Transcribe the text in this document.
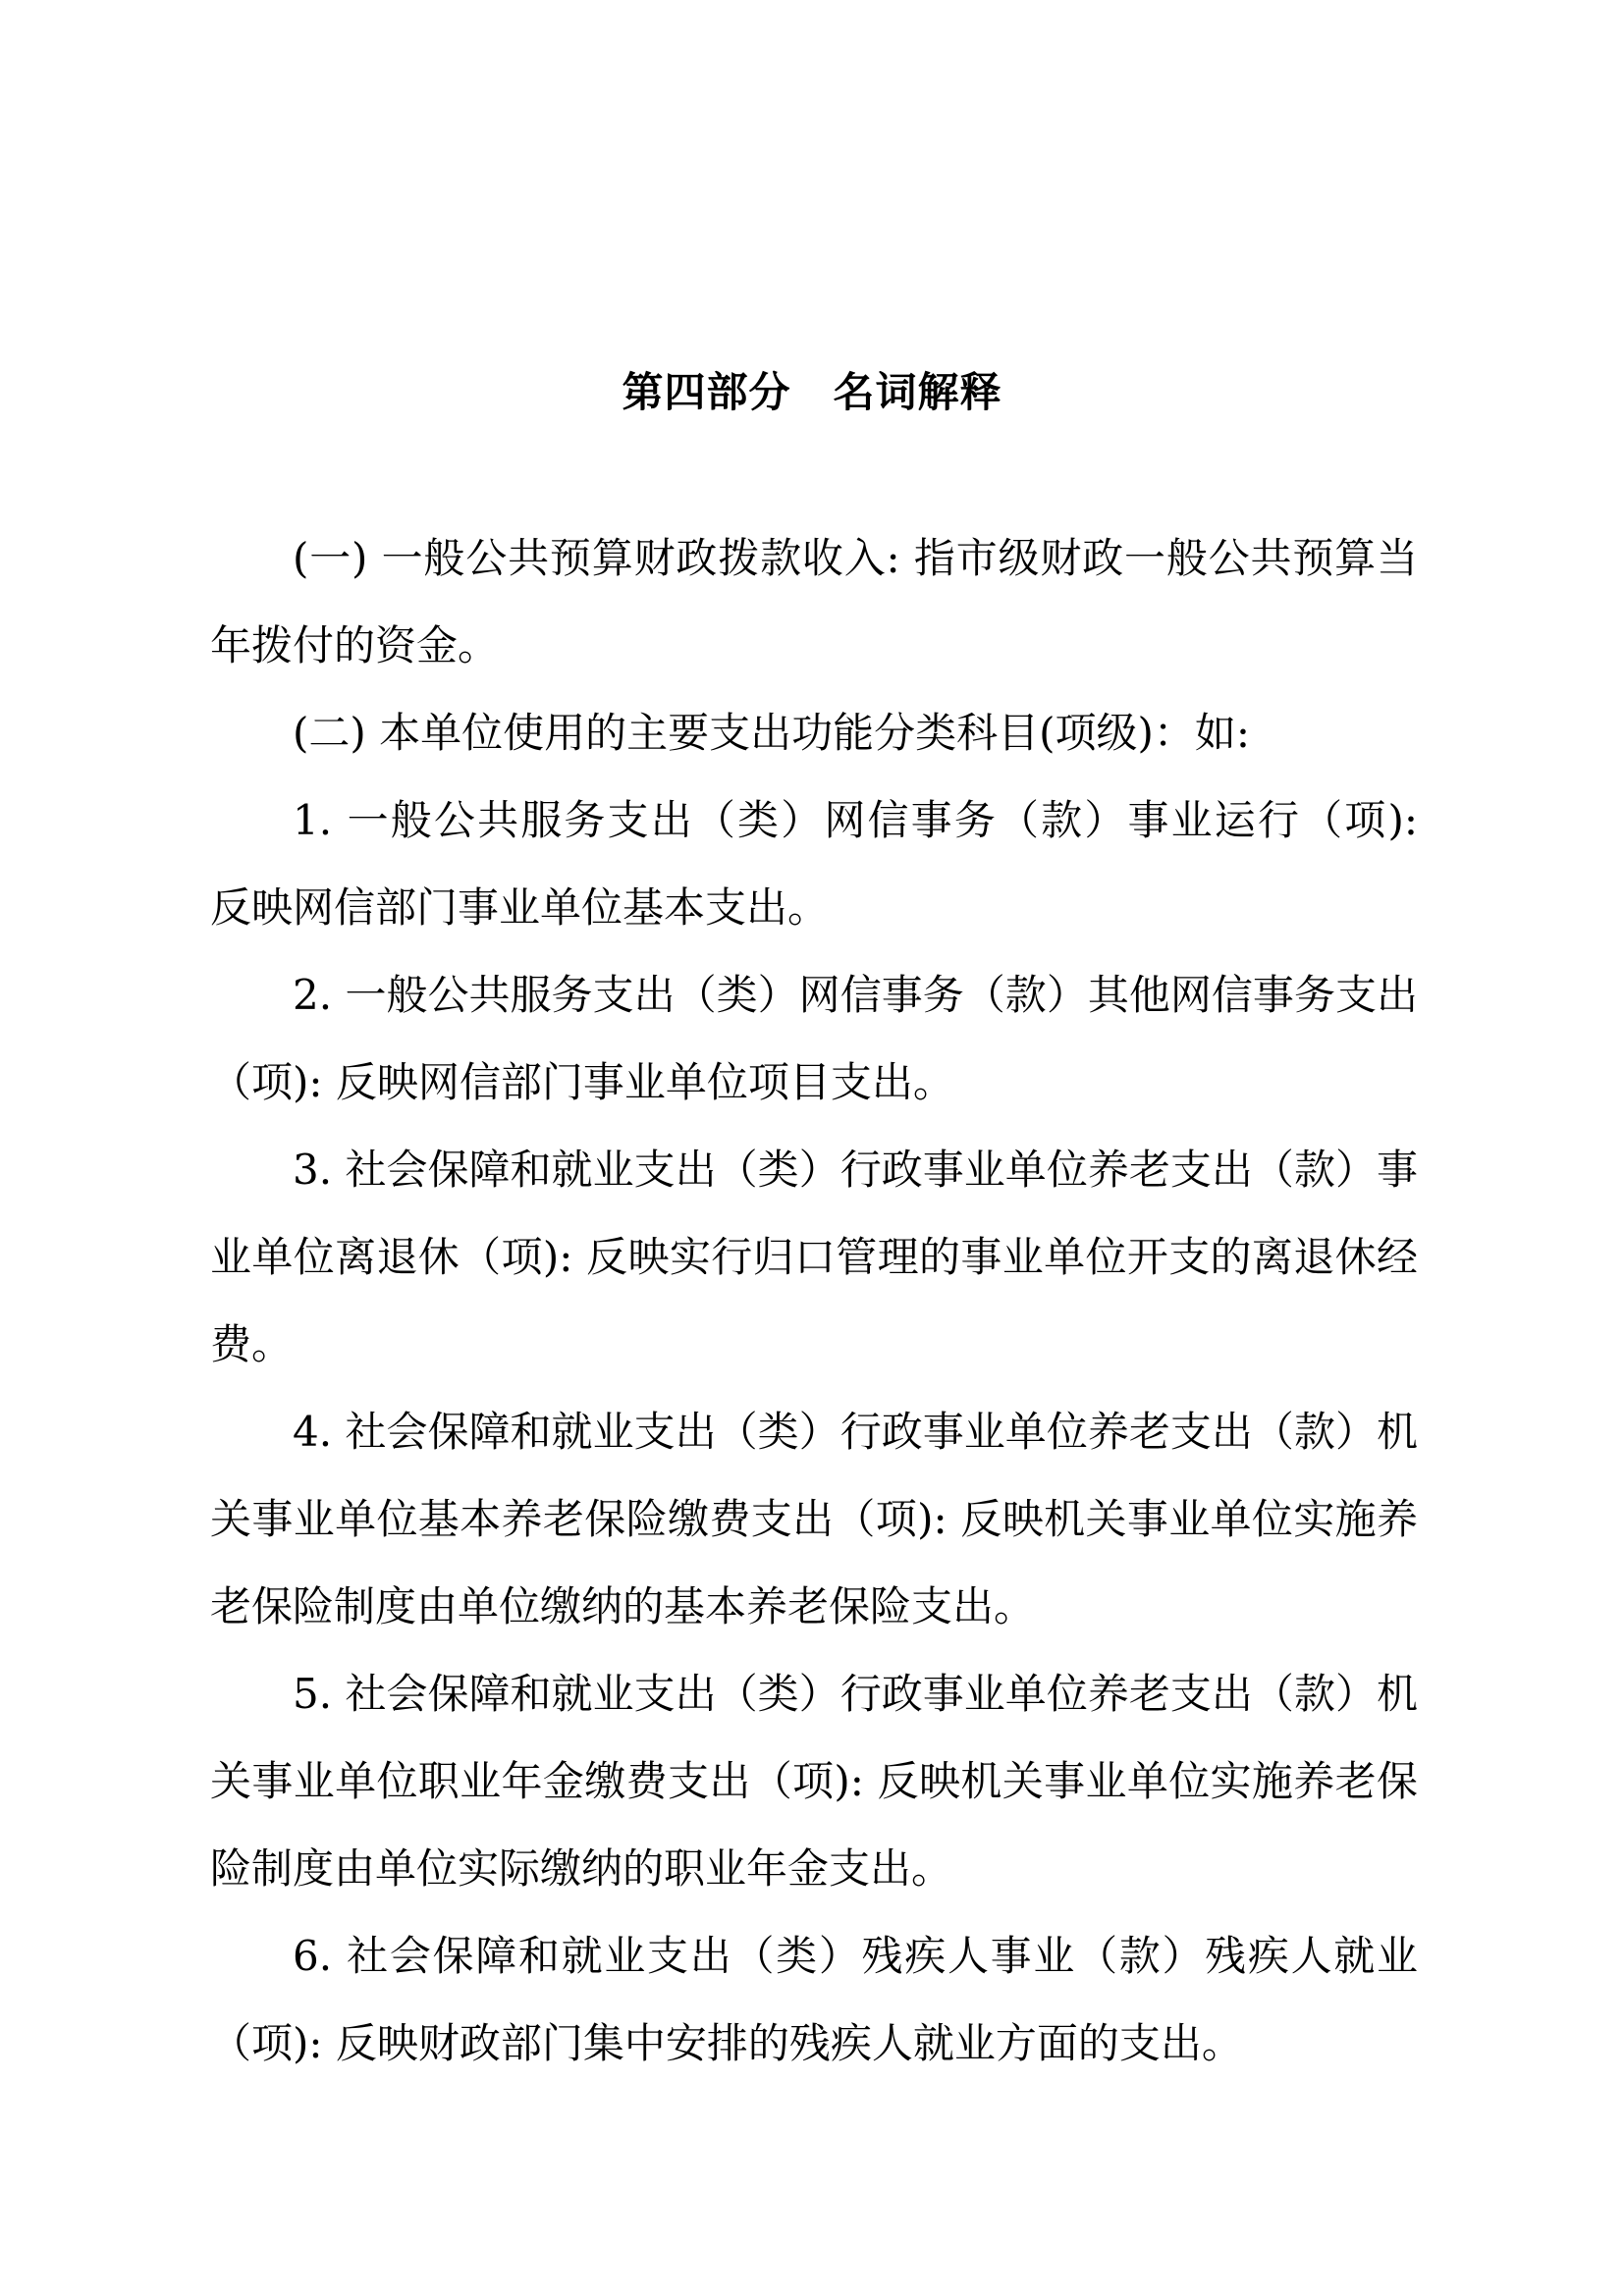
第四部分　名词解释

(一) 一般公共预算财政拨款收入: 指市级财政一般公共预算当年拨付的资金。

(二) 本单位使用的主要支出功能分类科目(项级)：如:

1. 一般公共服务支出（类）网信事务（款）事业运行（项): 反映网信部门事业单位基本支出。

2. 一般公共服务支出（类）网信事务（款）其他网信事务支出（项): 反映网信部门事业单位项目支出。

3. 社会保障和就业支出（类）行政事业单位养老支出（款）事业单位离退休（项): 反映实行归口管理的事业单位开支的离退休经费。

4. 社会保障和就业支出（类）行政事业单位养老支出（款）机关事业单位基本养老保险缴费支出（项): 反映机关事业单位实施养老保险制度由单位缴纳的基本养老保险支出。

5. 社会保障和就业支出（类）行政事业单位养老支出（款）机关事业单位职业年金缴费支出（项): 反映机关事业单位实施养老保险制度由单位实际缴纳的职业年金支出。

6. 社会保障和就业支出（类）残疾人事业（款）残疾人就业（项): 反映财政部门集中安排的残疾人就业方面的支出。
